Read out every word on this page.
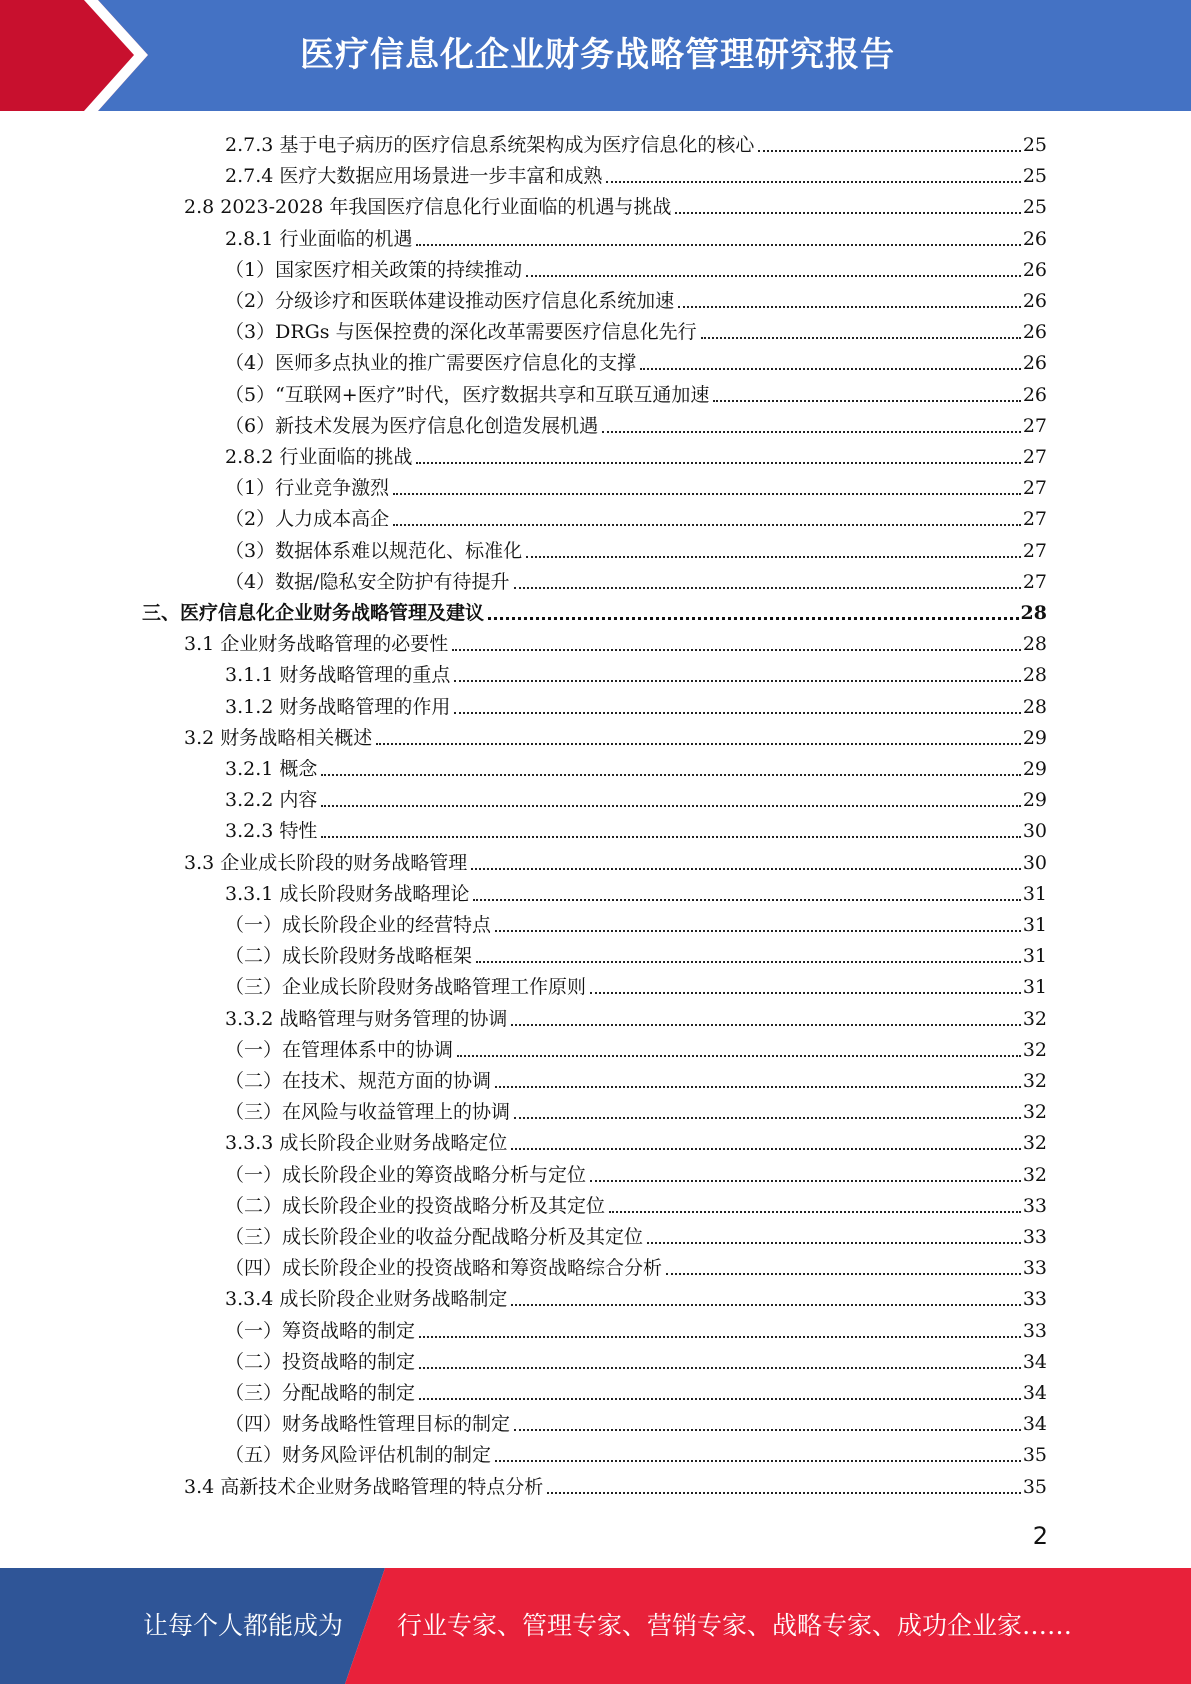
医疗信息化企业财务战略管理研究报告
2.7.3 基于电子病历的医疗信息系统架构成为医疗信息化的核心	25
2.7.4 医疗大数据应用场景进一步丰富和成熟	25
2.8 2023-2028 年我国医疗信息化行业面临的机遇与挑战	25
2.8.1 行业面临的机遇	26
（1）国家医疗相关政策的持续推动	26
（2）分级诊疗和医联体建设推动医疗信息化系统加速	26
（3）DRGs 与医保控费的深化改革需要医疗信息化先行	26
（4）医师多点执业的推广需要医疗信息化的支撑	26
（5）“互联网+医疗”时代，医疗数据共享和互联互通加速	26
（6）新技术发展为医疗信息化创造发展机遇	27
2.8.2 行业面临的挑战	27
（1）行业竞争激烈	27
（2）人力成本高企	27
（3）数据体系难以规范化、标准化	27
（4）数据/隐私安全防护有待提升	27
三、医疗信息化企业财务战略管理及建议	28
3.1 企业财务战略管理的必要性	28
3.1.1 财务战略管理的重点	28
3.1.2 财务战略管理的作用	28
3.2 财务战略相关概述	29
3.2.1 概念	29
3.2.2 内容	29
3.2.3 特性	30
3.3 企业成长阶段的财务战略管理	30
3.3.1 成长阶段财务战略理论	31
（一）成长阶段企业的经营特点	31
（二）成长阶段财务战略框架	31
（三）企业成长阶段财务战略管理工作原则	31
3.3.2 战略管理与财务管理的协调	32
（一）在管理体系中的协调	32
（二）在技术、规范方面的协调	32
（三）在风险与收益管理上的协调	32
3.3.3 成长阶段企业财务战略定位	32
（一）成长阶段企业的筹资战略分析与定位	32
（二）成长阶段企业的投资战略分析及其定位	33
（三）成长阶段企业的收益分配战略分析及其定位	33
（四）成长阶段企业的投资战略和筹资战略综合分析	33
3.3.4 成长阶段企业财务战略制定	33
（一）筹资战略的制定	33
（二）投资战略的制定	34
（三）分配战略的制定	34
（四）财务战略性管理目标的制定	34
（五）财务风险评估机制的制定	35
3.4 高新技术企业财务战略管理的特点分析	35
2
让每个人都能成为 行业专家、管理专家、营销专家、战略专家、成功企业家……
